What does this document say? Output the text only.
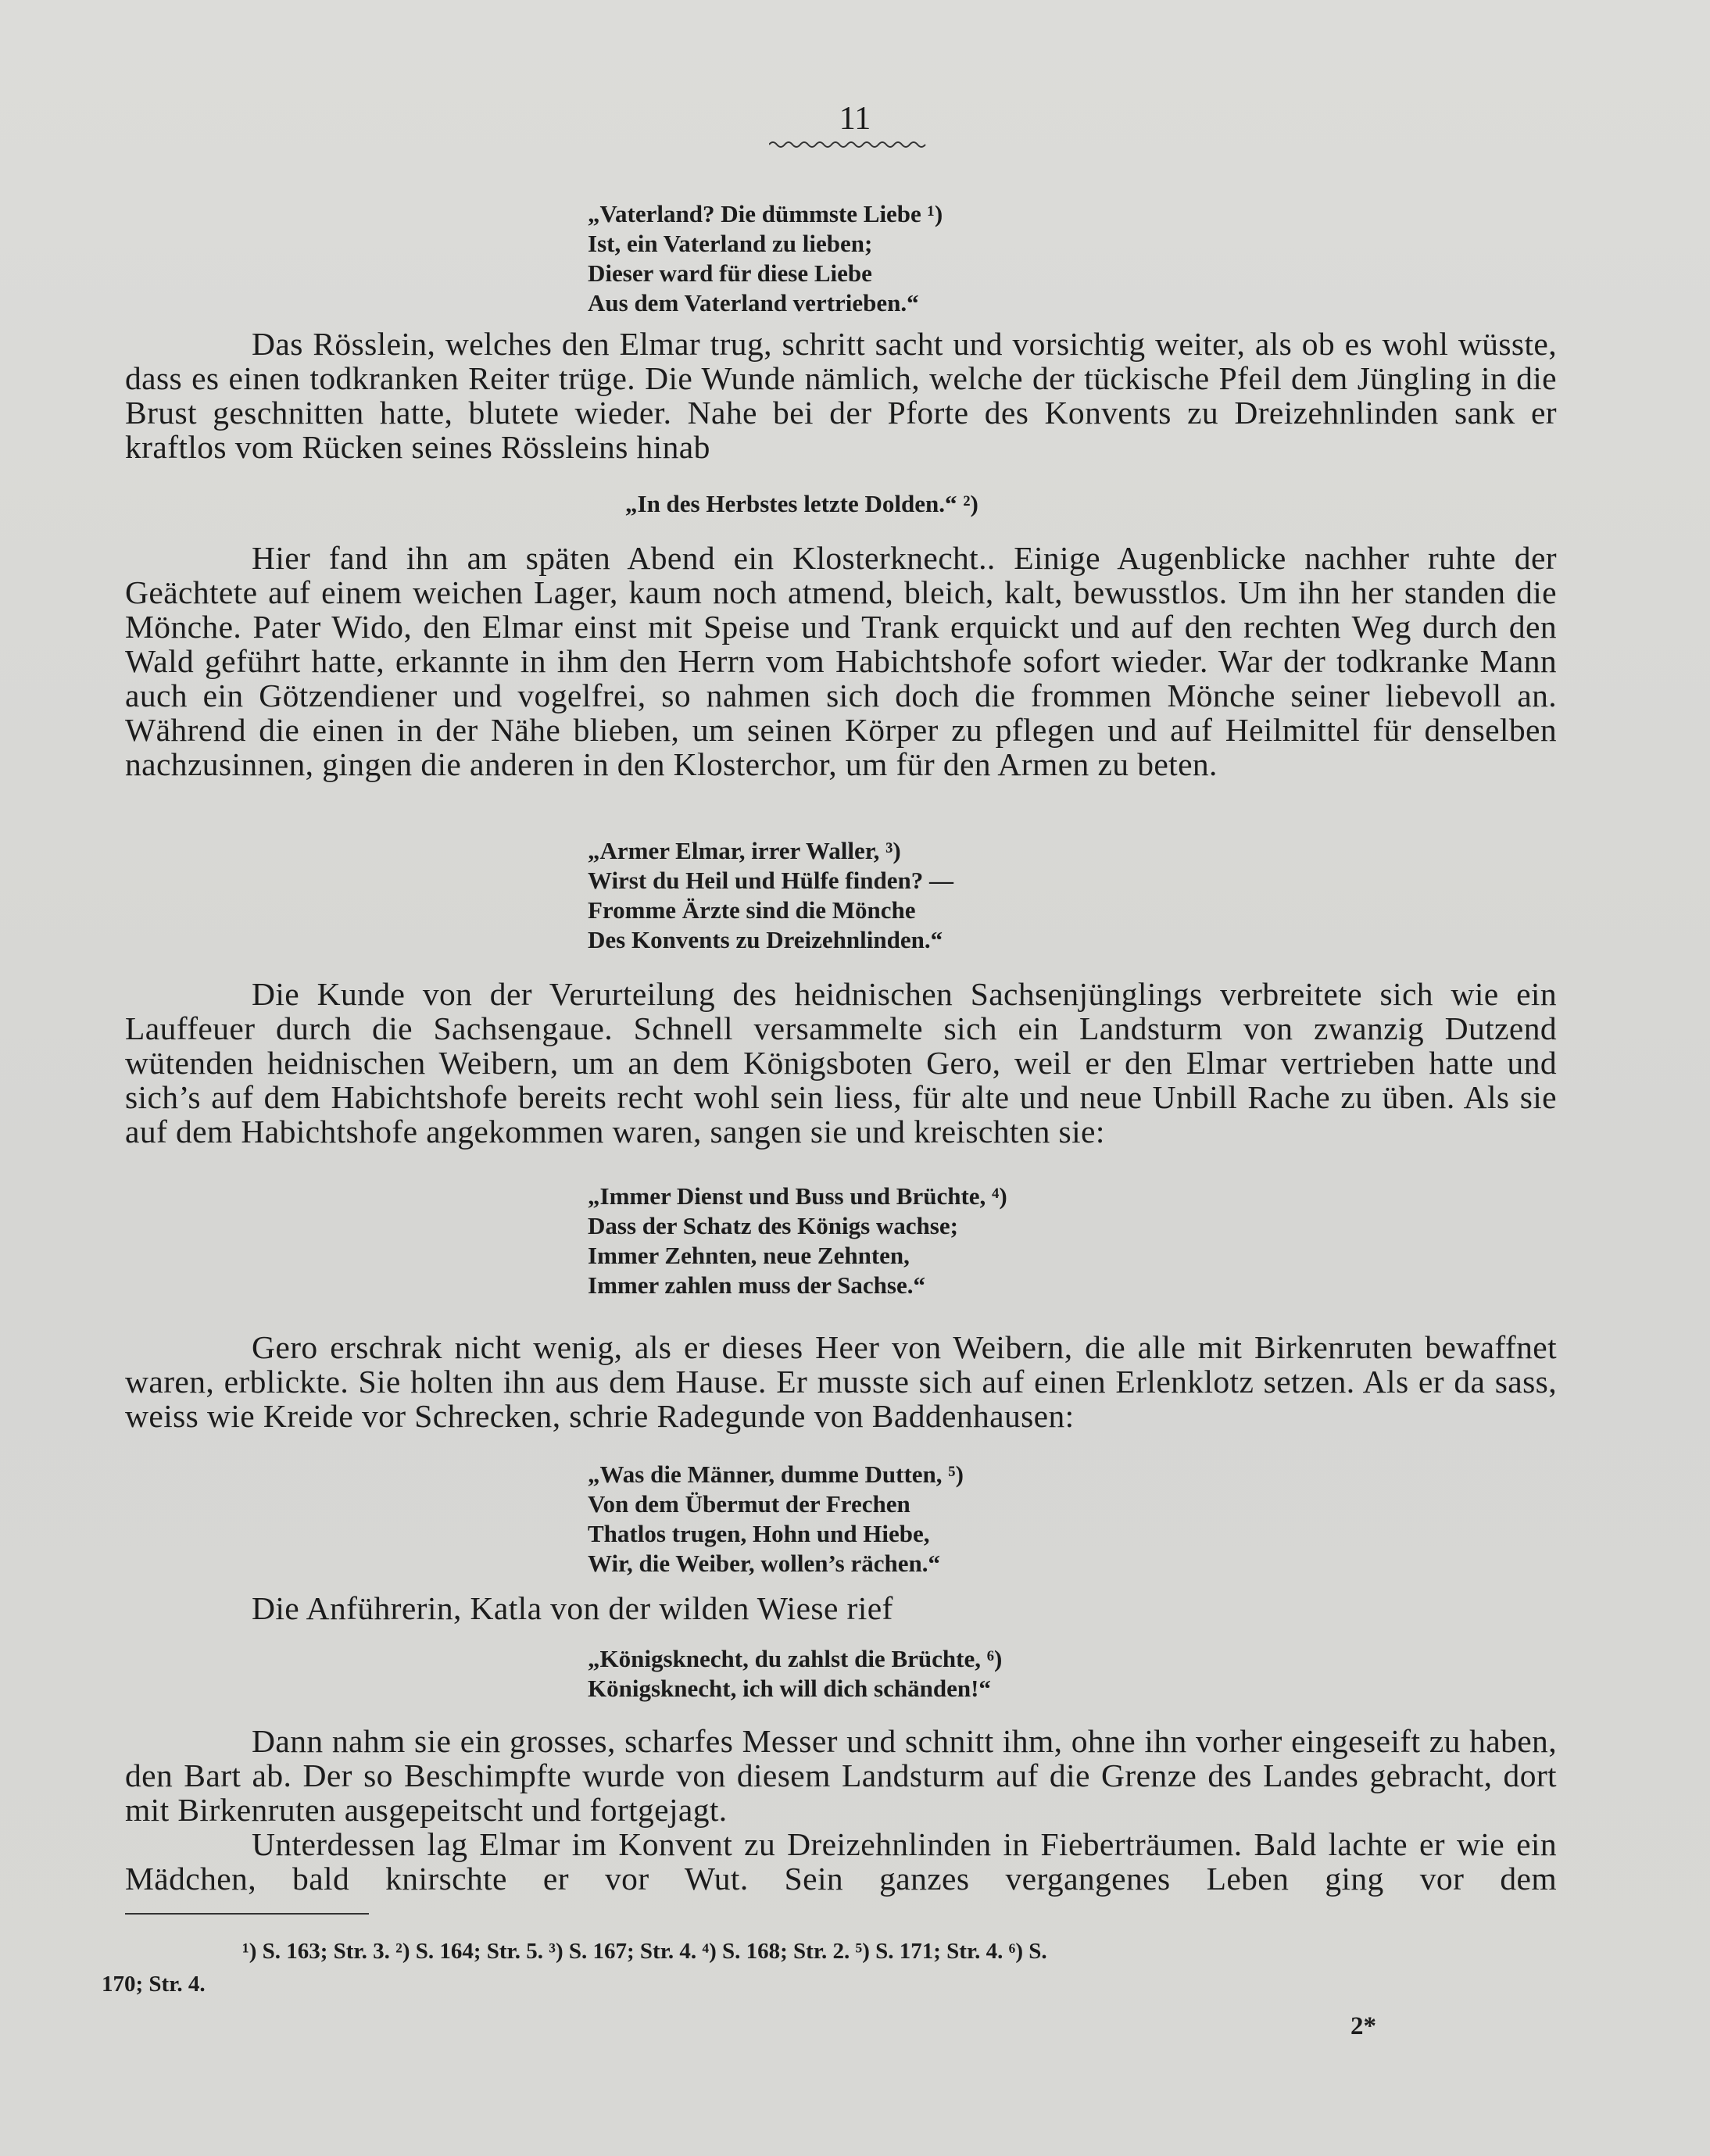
11
„Vaterland? Die dümmste Liebe ¹)
Ist, ein Vaterland zu lieben;
Dieser ward für diese Liebe
Aus dem Vaterland vertrieben.“

Das Rösslein, welches den Elmar trug, schritt sacht und vorsichtig weiter, als ob es wohl wüsste, dass es einen todkranken Reiter trüge. Die Wunde nämlich, welche der tückische Pfeil dem Jüngling in die Brust geschnitten hatte, blutete wieder. Nahe bei der Pforte des Konvents zu Dreizehnlinden sank er kraftlos vom Rücken seines Rössleins hinab

„In des Herbstes letzte Dolden.“ ²)

Hier fand ihn am späten Abend ein Klosterknecht.. Einige Augenblicke nachher ruhte der Geächtete auf einem weichen Lager, kaum noch atmend, bleich, kalt, bewusstlos. Um ihn her standen die Mönche. Pater Wido, den Elmar einst mit Speise und Trank erquickt und auf den rechten Weg durch den Wald geführt hatte, erkannte in ihm den Herrn vom Habichtshofe sofort wieder. War der todkranke Mann auch ein Götzendiener und vogelfrei, so nahmen sich doch die frommen Mönche seiner liebevoll an. Während die einen in der Nähe blieben, um seinen Körper zu pflegen und auf Heilmittel für denselben nachzusinnen, gingen die anderen in den Klosterchor, um für den Armen zu beten.

„Armer Elmar, irrer Waller, ³)
Wirst du Heil und Hülfe finden? —
Fromme Ärzte sind die Mönche
Des Konvents zu Dreizehnlinden.“

Die Kunde von der Verurteilung des heidnischen Sachsenjünglings verbreitete sich wie ein Lauffeuer durch die Sachsengaue. Schnell versammelte sich ein Landsturm von zwanzig Dutzend wütenden heidnischen Weibern, um an dem Königsboten Gero, weil er den Elmar vertrieben hatte und sich’s auf dem Habichtshofe bereits recht wohl sein liess, für alte und neue Unbill Rache zu üben. Als sie auf dem Habichtshofe angekommen waren, sangen sie und kreischten sie:

„Immer Dienst und Buss und Brüchte, ⁴)
Dass der Schatz des Königs wachse;
Immer Zehnten, neue Zehnten,
Immer zahlen muss der Sachse.“

Gero erschrak nicht wenig, als er dieses Heer von Weibern, die alle mit Birkenruten bewaffnet waren, erblickte. Sie holten ihn aus dem Hause. Er musste sich auf einen Erlenklotz setzen. Als er da sass, weiss wie Kreide vor Schrecken, schrie Radegunde von Baddenhausen:

„Was die Männer, dumme Dutten, ⁵)
Von dem Übermut der Frechen
Thatlos trugen, Hohn und Hiebe,
Wir, die Weiber, wollen’s rächen.“

Die Anführerin, Katla von der wilden Wiese rief

„Königsknecht, du zahlst die Brüchte, ⁶)
Königsknecht, ich will dich schänden!“

Dann nahm sie ein grosses, scharfes Messer und schnitt ihm, ohne ihn vorher eingeseift zu haben, den Bart ab. Der so Beschimpfte wurde von diesem Landsturm auf die Grenze des Landes gebracht, dort mit Birkenruten ausgepeitscht und fortgejagt.

Unterdessen lag Elmar im Konvent zu Dreizehnlinden in Fieberträumen. Bald lachte er wie ein Mädchen, bald knirschte er vor Wut. Sein ganzes vergangenes Leben ging vor dem

¹) S. 163; Str. 3. ²) S. 164; Str. 5. ³) S. 167; Str. 4. ⁴) S. 168; Str. 2. ⁵) S. 171; Str. 4. ⁶) S.
170; Str. 4.
2*
